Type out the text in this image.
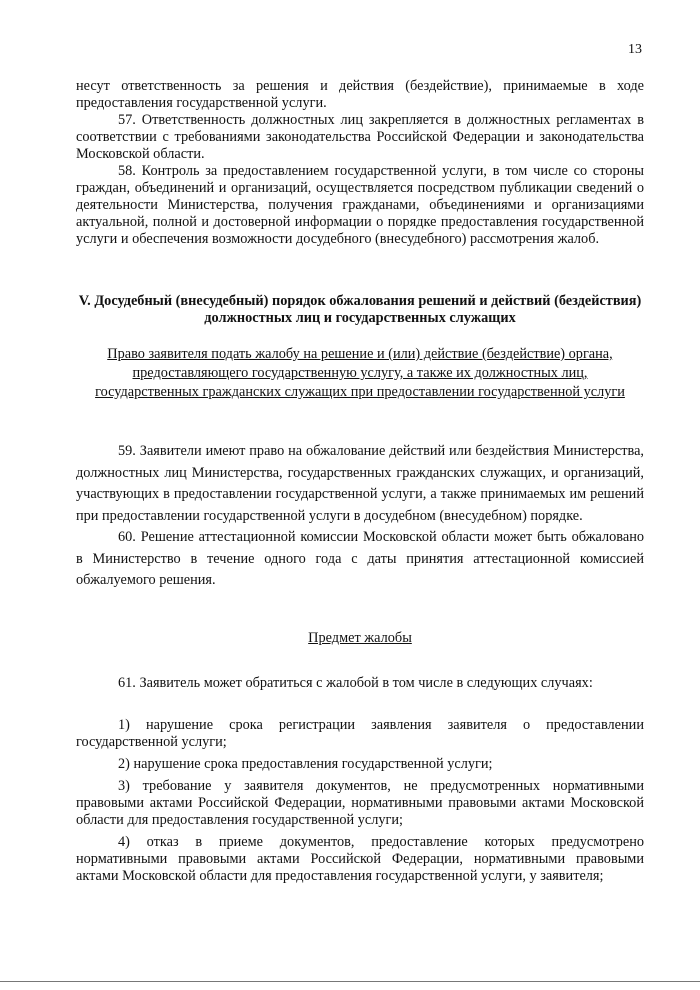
13

несут ответственность за решения и действия (бездействие), принимаемые в ходе предоставления государственной услуги.

57. Ответственность должностных лиц закрепляется в должностных регламентах в соответствии с требованиями законодательства Российской Федерации и законодательства Московской области.

58. Контроль за предоставлением государственной услуги, в том числе со стороны граждан, объединений и организаций, осуществляется посредством публикации сведений о деятельности Министерства, получения гражданами, объединениями и организациями актуальной, полной и достоверной информации о порядке предоставления государственной услуги и обеспечения возможности досудебного (внесудебного) рассмотрения жалоб.

V. Досудебный (внесудебный) порядок обжалования решений и действий (бездействия) должностных лиц и государственных служащих

Право заявителя подать жалобу на решение и (или) действие (бездействие) органа, предоставляющего государственную услугу, а также их должностных лиц, государственных гражданских служащих при предоставлении государственной услуги

59. Заявители имеют право на обжалование действий или бездействия Министерства, должностных лиц Министерства, государственных гражданских служащих, и организаций, участвующих в предоставлении государственной услуги, а также принимаемых им решений при предоставлении государственной услуги в досудебном (внесудебном) порядке.

60. Решение аттестационной комиссии Московской области может быть обжаловано в Министерство в течение одного года с даты принятия аттестационной комиссией обжалуемого решения.

Предмет жалобы

61. Заявитель может обратиться с жалобой в том числе в следующих случаях:

1) нарушение срока регистрации заявления заявителя о предоставлении государственной услуги;

2) нарушение срока предоставления государственной услуги;

3) требование у заявителя документов, не предусмотренных нормативными правовыми актами Российской Федерации, нормативными правовыми актами Московской области для предоставления государственной услуги;

4) отказ в приеме документов, предоставление которых предусмотрено нормативными правовыми актами Российской Федерации, нормативными правовыми актами Московской области для предоставления государственной услуги, у заявителя;
